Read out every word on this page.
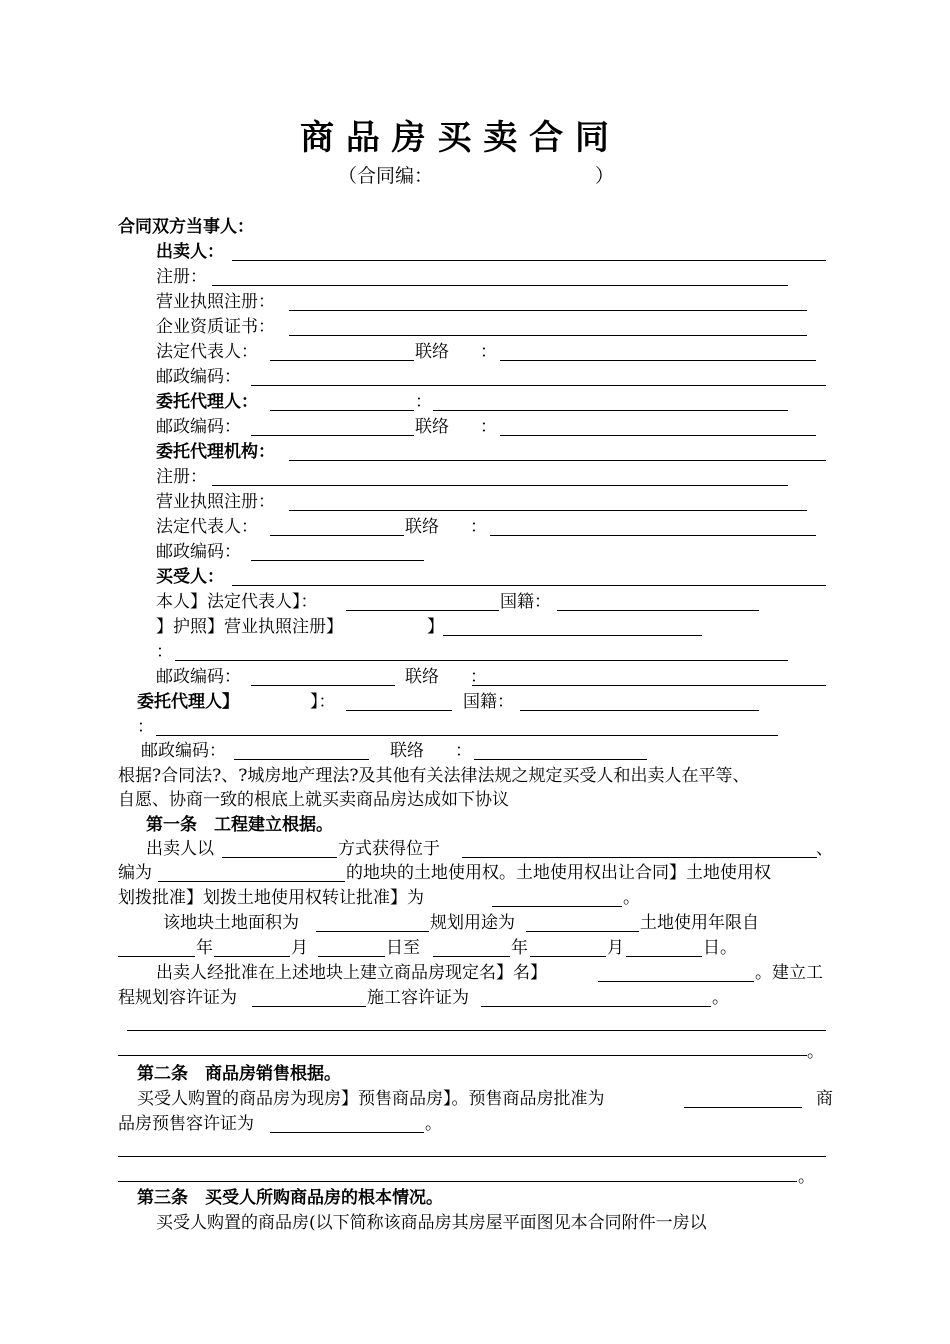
商 品 房 买 卖 合 同
（合同编：	）
合同双方当事人：
出卖人：
注册：
营业执照注册：
企业资质证书：
法定代表人：	联络 ：
邮政编码：
委托代理人：	：
邮政编码：	联络 ：
委托代理机构：
注册：
营业执照注册：
法定代表人：	联络 ：
邮政编码：
买受人：
本人】法定代表人】：	国籍：
】护照】营业执照注册】	】
：
邮政编码：	联络 ：
委托代理人】	】：	国籍：
：
邮政编码：	联络 ：
根据?合同法?、?城房地产理法?及其他有关法律法规之规定买受人和出卖人在平等、
自愿、协商一致的根底上就买卖商品房达成如下协议
第一条　工程建立根据。
出卖人以	方式获得位于	、
编为	的地块的土地使用权。土地使用权出让合同】土地使用权
划拨批准】划拨土地使用权转让批准】为	。
该地块土地面积为	规划用途为	土地使用年限自
年	月	日至	年	月	日。
出卖人经批准在上述地块上建立商品房现定名】名】	。建立工
程规划容许证为	施工容许证为	。
。
第二条　商品房销售根据。
买受人购置的商品房为现房】预售商品房】。预售商品房批准为	商
品房预售容许证为	。
。
第三条　买受人所购商品房的根本情况。
买受人购置的商品房(以下简称该商品房其房屋平面图见本合同附件一房以
